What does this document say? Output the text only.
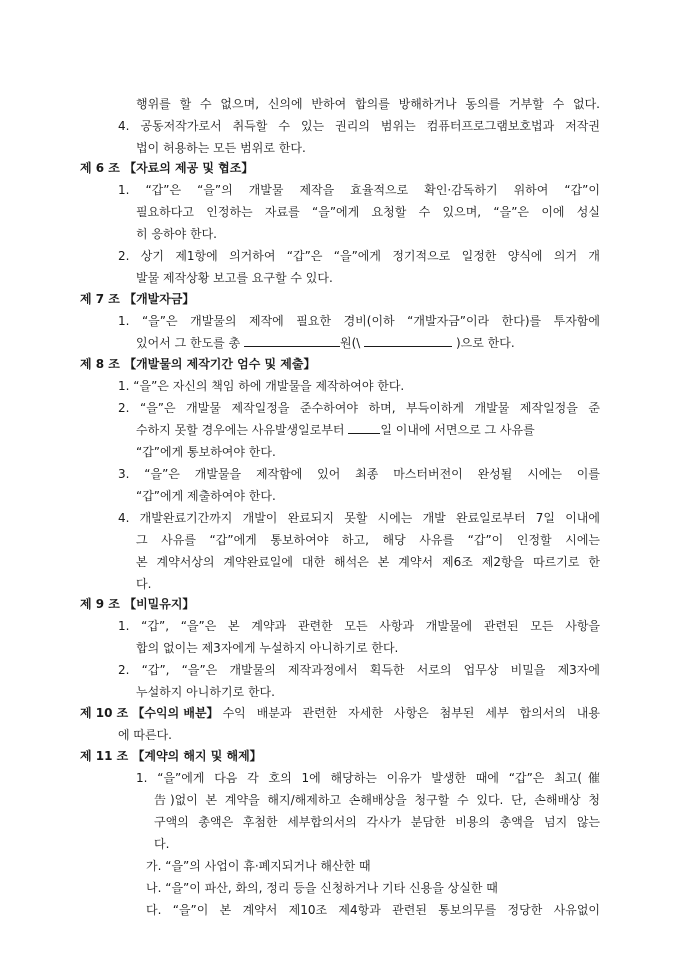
행위를 할 수 없으며, 신의에 반하여 합의를 방해하거나 동의를 거부할 수 없다.
4. 공동저작가로서 취득할 수 있는 권리의 범위는 컴퓨터프로그램보호법과 저작권
법이 허용하는 모든 범위로 한다.
제 6 조 【자료의 제공 및 협조】
1. “갑”은 “을”의 개발물 제작을 효율적으로 확인·감독하기 위하여 “갑”이
필요하다고 인정하는 자료를 “을”에게 요청할 수 있으며, “을”은 이에 성실
히 응하야 한다.
2. 상기 제1항에 의거하여 “갑”은 “을”에게 정기적으로 일정한 양식에 의거 개
발물 제작상황 보고를 요구할 수 있다.
제 7 조 【개발자금】
1. “을”은 개발물의 제작에 필요한 경비(이하 “개발자금”이라 한다)를 투자함에
있어서 그 한도를 총	원(\	)으로 한다.
제 8 조 【개발물의 제작기간 엄수 및 제출】
1. “을”은 자신의 책임 하에 개발물을 제작하여야 한다.
2. “을”은 개발물 제작일정을 준수하여야 하며, 부득이하게 개발물 제작일정을 준
수하지 못할 경우에는 사유발생일로부터	일 이내에 서면으로 그 사유를
“갑”에게 통보하여야 한다.
3. “을”은 개발물을 제작함에 있어 최종 마스터버전이 완성될 시에는 이를
“갑”에게 제출하여야 한다.
4. 개발완료기간까지 개발이 완료되지 못할 시에는 개발 완료일로부터 7일 이내에
그 사유를 “갑”에게 통보하여야 하고, 해당 사유를 “갑”이 인정할 시에는
본 계약서상의 계약완료일에 대한 해석은 본 계약서 제6조 제2항을 따르기로 한
다.
제 9 조 【비밀유지】
1. “갑”, “을”은 본 계약과 관련한 모든 사항과 개발물에 관련된 모든 사항을
합의 없이는 제3자에게 누설하지 아니하기로 한다.
2. “갑”, “을”은 개발물의 제작과정에서 획득한 서로의 업무상 비밀을 제3자에
누설하지 아니하기로 한다.
제 10 조 【수익의 배분】 수익 배분과 관련한 자세한 사항은 첨부된 세부 합의서의 내용
에 따른다.
제 11 조 【계약의 해지 및 해제】
1. “을”에게 다음 각 호의 1에 해당하는 이유가 발생한 때에 “갑”은 최고(催
告)없이 본 계약을 해지/해제하고 손해배상을 청구할 수 있다. 단, 손해배상 청
구액의 총액은 후첨한 세부합의서의 각사가 분담한 비용의 총액을 넘지 않는
다.
가. “을”의 사업이 휴·폐지되거나 해산한 때
나. “을”이 파산, 화의, 정리 등을 신청하거나 기타 신용을 상실한 때
다. “을”이 본 계약서 제10조 제4항과 관련된 통보의무를 정당한 사유없이
